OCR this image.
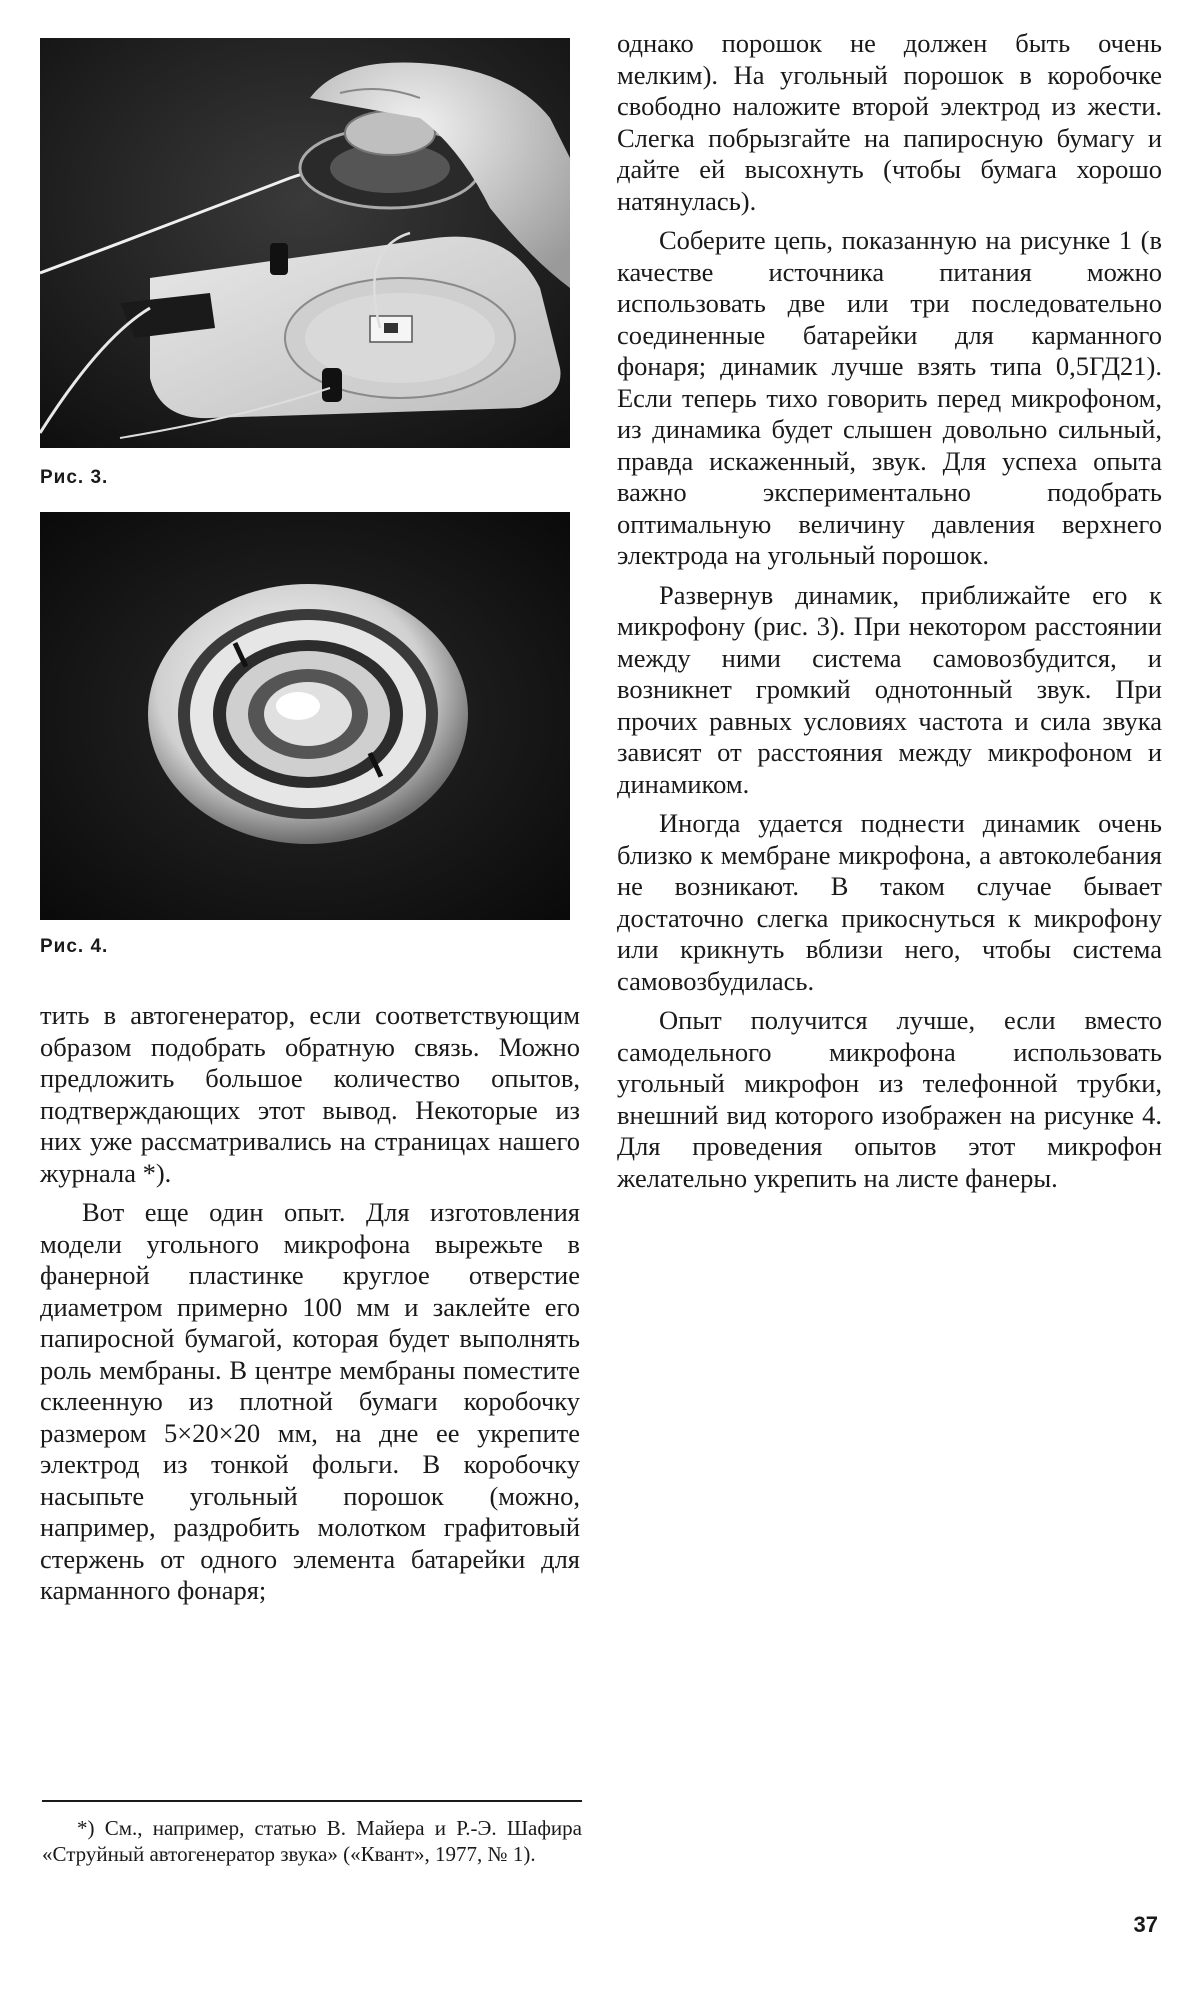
Рис. 3.
Рис. 4.

тить в автогенератор, если соответствующим образом подобрать обратную связь. Можно предложить большое количество опытов, подтверждающих этот вывод. Некоторые из них уже рассматривались на страницах нашего журнала *).

Вот еще один опыт. Для изготовления модели угольного микрофона вырежьте в фанерной пластинке круглое отверстие диаметром примерно 100 мм и заклейте его папиросной бумагой, которая будет выполнять роль мембраны. В центре мембраны поместите склеенную из плотной бумаги коробочку размером 5×20×20 мм, на дне ее укрепите электрод из тонкой фольги. В коробочку насыпьте угольный порошок (можно, например, раздробить молотком графитовый стержень от одного элемента батарейки для карманного фонаря;

однако порошок не должен быть очень мелким). На угольный порошок в коробочке свободно наложите второй электрод из жести. Слегка побрызгайте на папиросную бумагу и дайте ей высохнуть (чтобы бумага хорошо натянулась).

Соберите цепь, показанную на рисунке 1 (в качестве источника питания можно использовать две или три последовательно соединенные батарейки для карманного фонаря; динамик лучше взять типа 0,5ГД21). Если теперь тихо говорить перед микрофоном, из динамика будет слышен довольно сильный, правда искаженный, звук. Для успеха опыта важно экспериментально подобрать оптимальную величину давления верхнего электрода на угольный порошок.

Развернув динамик, приближайте его к микрофону (рис. 3). При некотором расстоянии между ними система самовозбудится, и возникнет громкий однотонный звук. При прочих равных условиях частота и сила звука зависят от расстояния между микрофоном и динамиком.

Иногда удается поднести динамик очень близко к мембране микрофона, а автоколебания не возникают. В таком случае бывает достаточно слегка прикоснуться к микрофону или крикнуть вблизи него, чтобы система самовозбудилась.

Опыт получится лучше, если вместо самодельного микрофона использовать угольный микрофон из телефонной трубки, внешний вид которого изображен на рисунке 4. Для проведения опытов этот микрофон желательно укрепить на листе фанеры.

*) См., например, статью В. Майера и Р.-Э. Шафира «Струйный автогенератор звука» («Квант», 1977, № 1).
37
